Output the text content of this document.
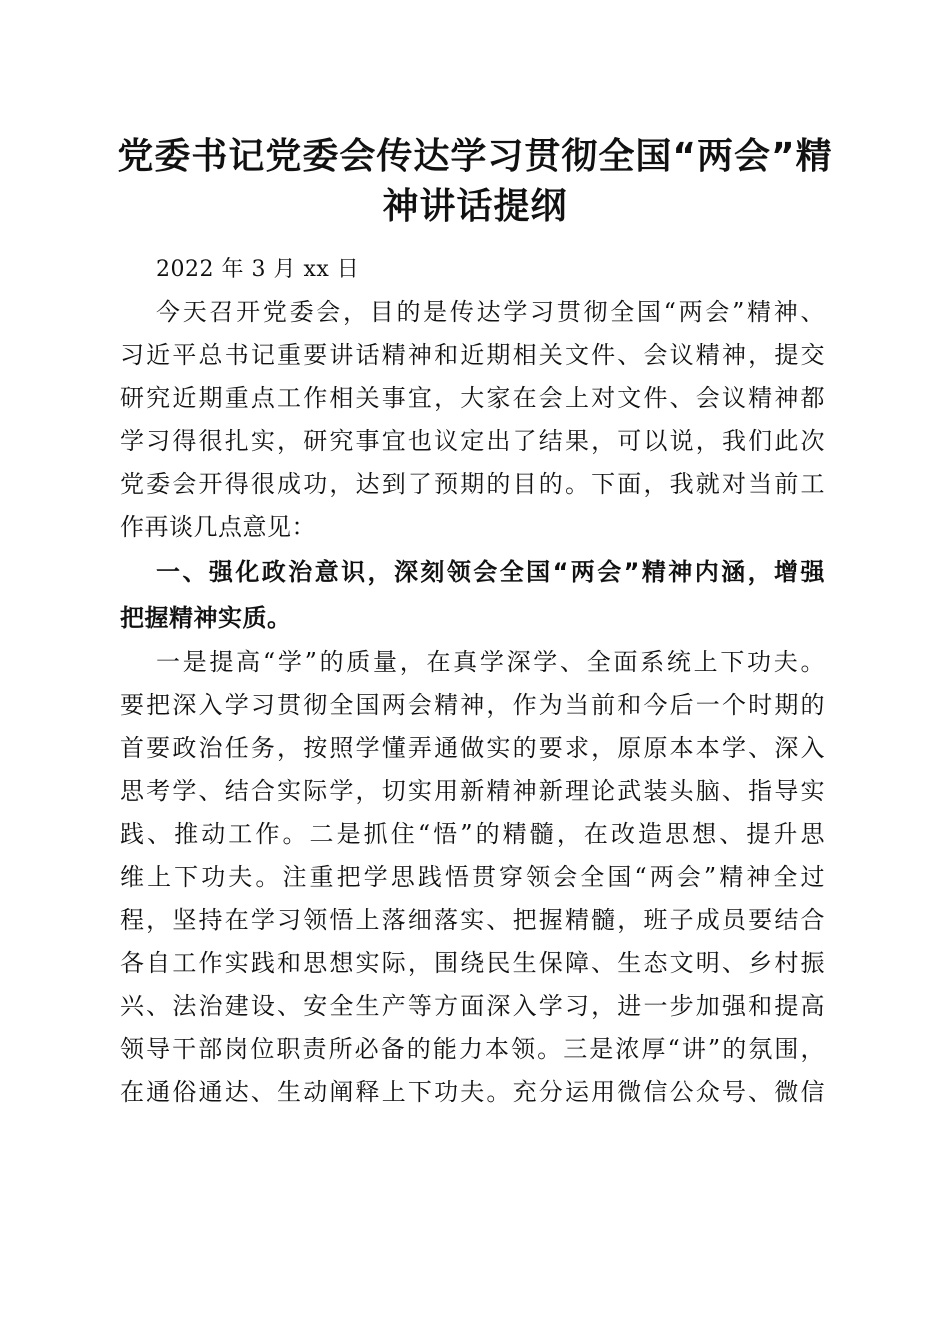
党委书记党委会传达学习贯彻全国“两会”精
神讲话提纲
2022 年 3 月 xx 日
今天召开党委会，目的是传达学习贯彻全国“两会”精神、
习近平总书记重要讲话精神和近期相关文件、会议精神，提交
研究近期重点工作相关事宜，大家在会上对文件、会议精神都
学习得很扎实，研究事宜也议定出了结果，可以说，我们此次
党委会开得很成功，达到了预期的目的。下面，我就对当前工
作再谈几点意见：
一、强化政治意识，深刻领会全国“两会”精神内涵，增强
把握精神实质。
一是提高“学”的质量，在真学深学、全面系统上下功夫。
要把深入学习贯彻全国两会精神，作为当前和今后一个时期的
首要政治任务，按照学懂弄通做实的要求，原原本本学、深入
思考学、结合实际学，切实用新精神新理论武装头脑、指导实
践、推动工作。二是抓住“悟”的精髓，在改造思想、提升思
维上下功夫。注重把学思践悟贯穿领会全国“两会”精神全过
程，坚持在学习领悟上落细落实、把握精髓，班子成员要结合
各自工作实践和思想实际，围绕民生保障、生态文明、乡村振
兴、法治建设、安全生产等方面深入学习，进一步加强和提高
领导干部岗位职责所必备的能力本领。三是浓厚“讲”的氛围，
在通俗通达、生动阐释上下功夫。充分运用微信公众号、微信
